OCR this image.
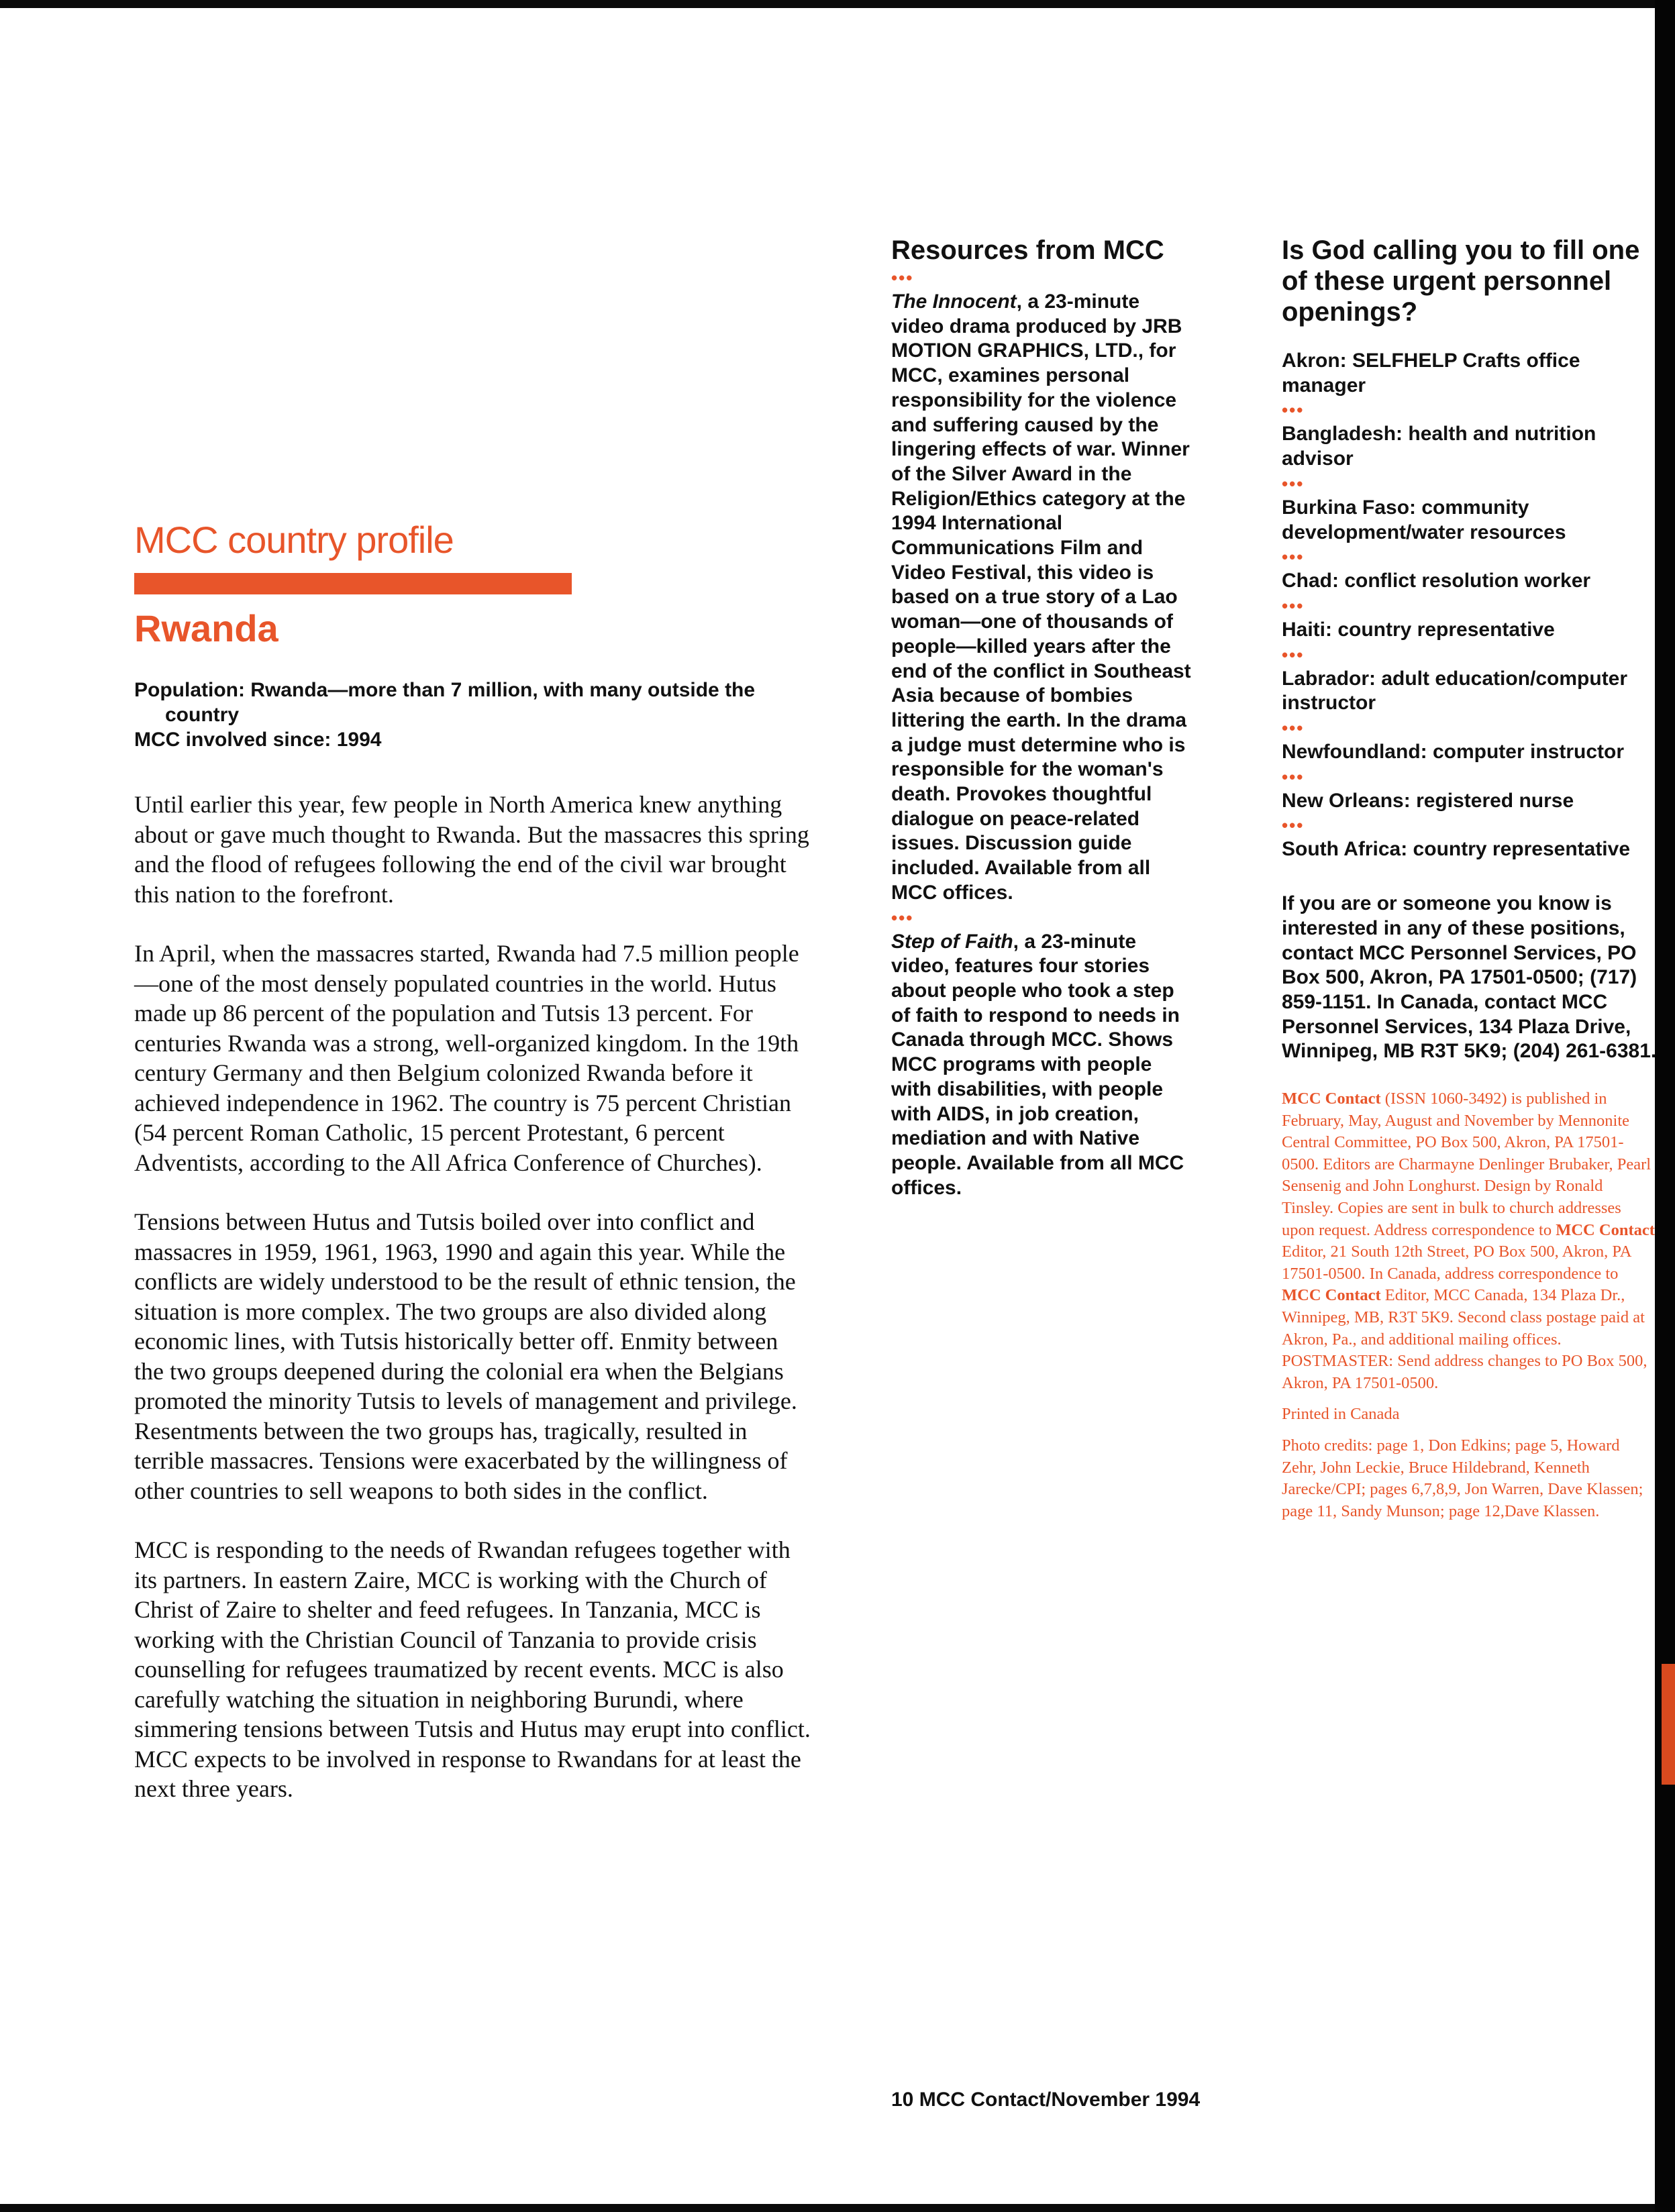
MCC country profile
Rwanda
Population: Rwanda—more than 7 million, with many outside the country
MCC involved since: 1994

Until earlier this year, few people in North America knew anything about or gave much thought to Rwanda. But the massacres this spring and the flood of refugees following the end of the civil war brought this nation to the forefront.

In April, when the massacres started, Rwanda had 7.5 million people—one of the most densely populated countries in the world. Hutus made up 86 percent of the population and Tutsis 13 percent. For centuries Rwanda was a strong, well-organized kingdom. In the 19th century Germany and then Belgium colonized Rwanda before it achieved independence in 1962. The country is 75 percent Christian (54 percent Roman Catholic, 15 percent Protestant, 6 percent Adventists, according to the All Africa Conference of Churches).

Tensions between Hutus and Tutsis boiled over into conflict and massacres in 1959, 1961, 1963, 1990 and again this year. While the conflicts are widely understood to be the result of ethnic tension, the situation is more complex. The two groups are also divided along economic lines, with Tutsis historically better off. Enmity between the two groups deepened during the colonial era when the Belgians promoted the minority Tutsis to levels of management and privilege. Resentments between the two groups has, tragically, resulted in terrible massacres. Tensions were exacerbated by the willingness of other countries to sell weapons to both sides in the conflict.

MCC is responding to the needs of Rwandan refugees together with its partners. In eastern Zaire, MCC is working with the Church of Christ of Zaire to shelter and feed refugees. In Tanzania, MCC is working with the Christian Council of Tanzania to provide crisis counselling for refugees traumatized by recent events. MCC is also carefully watching the situation in neighboring Burundi, where simmering tensions between Tutsis and Hutus may erupt into conflict. MCC expects to be involved in response to Rwandans for at least the next three years.

Resources from MCC
•••

The Innocent, a 23-minute video drama produced by JRB MOTION GRAPHICS, LTD., for MCC, examines personal responsibility for the violence and suffering caused by the lingering effects of war. Winner of the Silver Award in the Religion/Ethics category at the 1994 International Communications Film and Video Festival, this video is based on a true story of a Lao woman—one of thousands of people—killed years after the end of the conflict in Southeast Asia because of bombies littering the earth. In the drama a judge must determine who is responsible for the woman's death. Provokes thoughtful dialogue on peace-related issues. Discussion guide included. Available from all MCC offices.

•••

Step of Faith, a 23-minute video, features four stories about people who took a step of faith to respond to needs in Canada through MCC. Shows MCC programs with people with disabilities, with people with AIDS, in job creation, mediation and with Native people. Available from all MCC offices.

Is God calling you to fill one of these urgent personnel openings?

Akron: SELFHELP Crafts office manager

•••

Bangladesh: health and nutrition advisor

•••

Burkina Faso: community development/water resources

•••

Chad: conflict resolution worker

•••

Haiti: country representative

•••

Labrador: adult education/computer instructor

•••

Newfoundland: computer instructor

•••

New Orleans: registered nurse

•••

South Africa: country representative

If you are or someone you know is interested in any of these positions, contact MCC Personnel Services, PO Box 500, Akron, PA 17501-0500; (717) 859-1151. In Canada, contact MCC Personnel Services, 134 Plaza Drive, Winnipeg, MB R3T 5K9; (204) 261-6381.

MCC Contact (ISSN 1060-3492) is published in February, May, August and November by Mennonite Central Committee, PO Box 500, Akron, PA 17501-0500. Editors are Charmayne Denlinger Brubaker, Pearl Sensenig and John Longhurst. Design by Ronald Tinsley. Copies are sent in bulk to church addresses upon request. Address correspondence to MCC Contact Editor, 21 South 12th Street, PO Box 500, Akron, PA 17501-0500. In Canada, address correspondence to MCC Contact Editor, MCC Canada, 134 Plaza Dr., Winnipeg, MB, R3T 5K9. Second class postage paid at Akron, Pa., and additional mailing offices. POSTMASTER: Send address changes to PO Box 500, Akron, PA 17501-0500.

Printed in Canada

Photo credits: page 1, Don Edkins; page 5, Howard Zehr, John Leckie, Bruce Hildebrand, Kenneth Jarecke/CPI; pages 6,7,8,9, Jon Warren, Dave Klassen; page 11, Sandy Munson; page 12,Dave Klassen.

10 MCC Contact/November 1994
